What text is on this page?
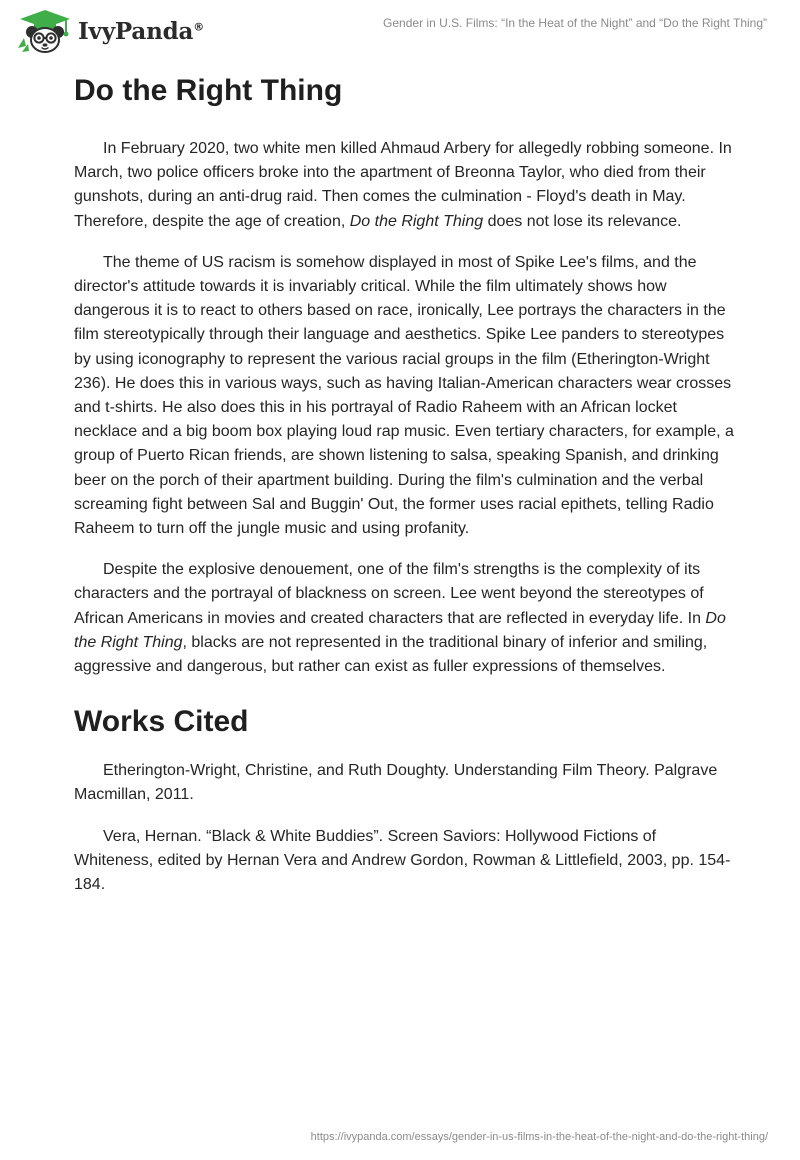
IvyPanda®	Gender in U.S. Films: “In the Heat of the Night” and “Do the Right Thing”
Do the Right Thing

In February 2020, two white men killed Ahmaud Arbery for allegedly robbing someone. In March, two police officers broke into the apartment of Breonna Taylor, who died from their gunshots, during an anti-drug raid. Then comes the culmination - Floyd's death in May. Therefore, despite the age of creation, Do the Right Thing does not lose its relevance.

The theme of US racism is somehow displayed in most of Spike Lee's films, and the director's attitude towards it is invariably critical. While the film ultimately shows how dangerous it is to react to others based on race, ironically, Lee portrays the characters in the film stereotypically through their language and aesthetics. Spike Lee panders to stereotypes by using iconography to represent the various racial groups in the film (Etherington-Wright 236). He does this in various ways, such as having Italian-American characters wear crosses and t-shirts. He also does this in his portrayal of Radio Raheem with an African locket necklace and a big boom box playing loud rap music. Even tertiary characters, for example, a group of Puerto Rican friends, are shown listening to salsa, speaking Spanish, and drinking beer on the porch of their apartment building. During the film's culmination and the verbal screaming fight between Sal and Buggin' Out, the former uses racial epithets, telling Radio Raheem to turn off the jungle music and using profanity.

Despite the explosive denouement, one of the film's strengths is the complexity of its characters and the portrayal of blackness on screen. Lee went beyond the stereotypes of African Americans in movies and created characters that are reflected in everyday life. In Do the Right Thing, blacks are not represented in the traditional binary of inferior and smiling, aggressive and dangerous, but rather can exist as fuller expressions of themselves.

Works Cited

Etherington-Wright, Christine, and Ruth Doughty. Understanding Film Theory. Palgrave Macmillan, 2011.

Vera, Hernan. “Black & White Buddies”. Screen Saviors: Hollywood Fictions of Whiteness, edited by Hernan Vera and Andrew Gordon, Rowman & Littlefield, 2003, pp. 154-184.

https://ivypanda.com/essays/gender-in-us-films-in-the-heat-of-the-night-and-do-the-right-thing/
